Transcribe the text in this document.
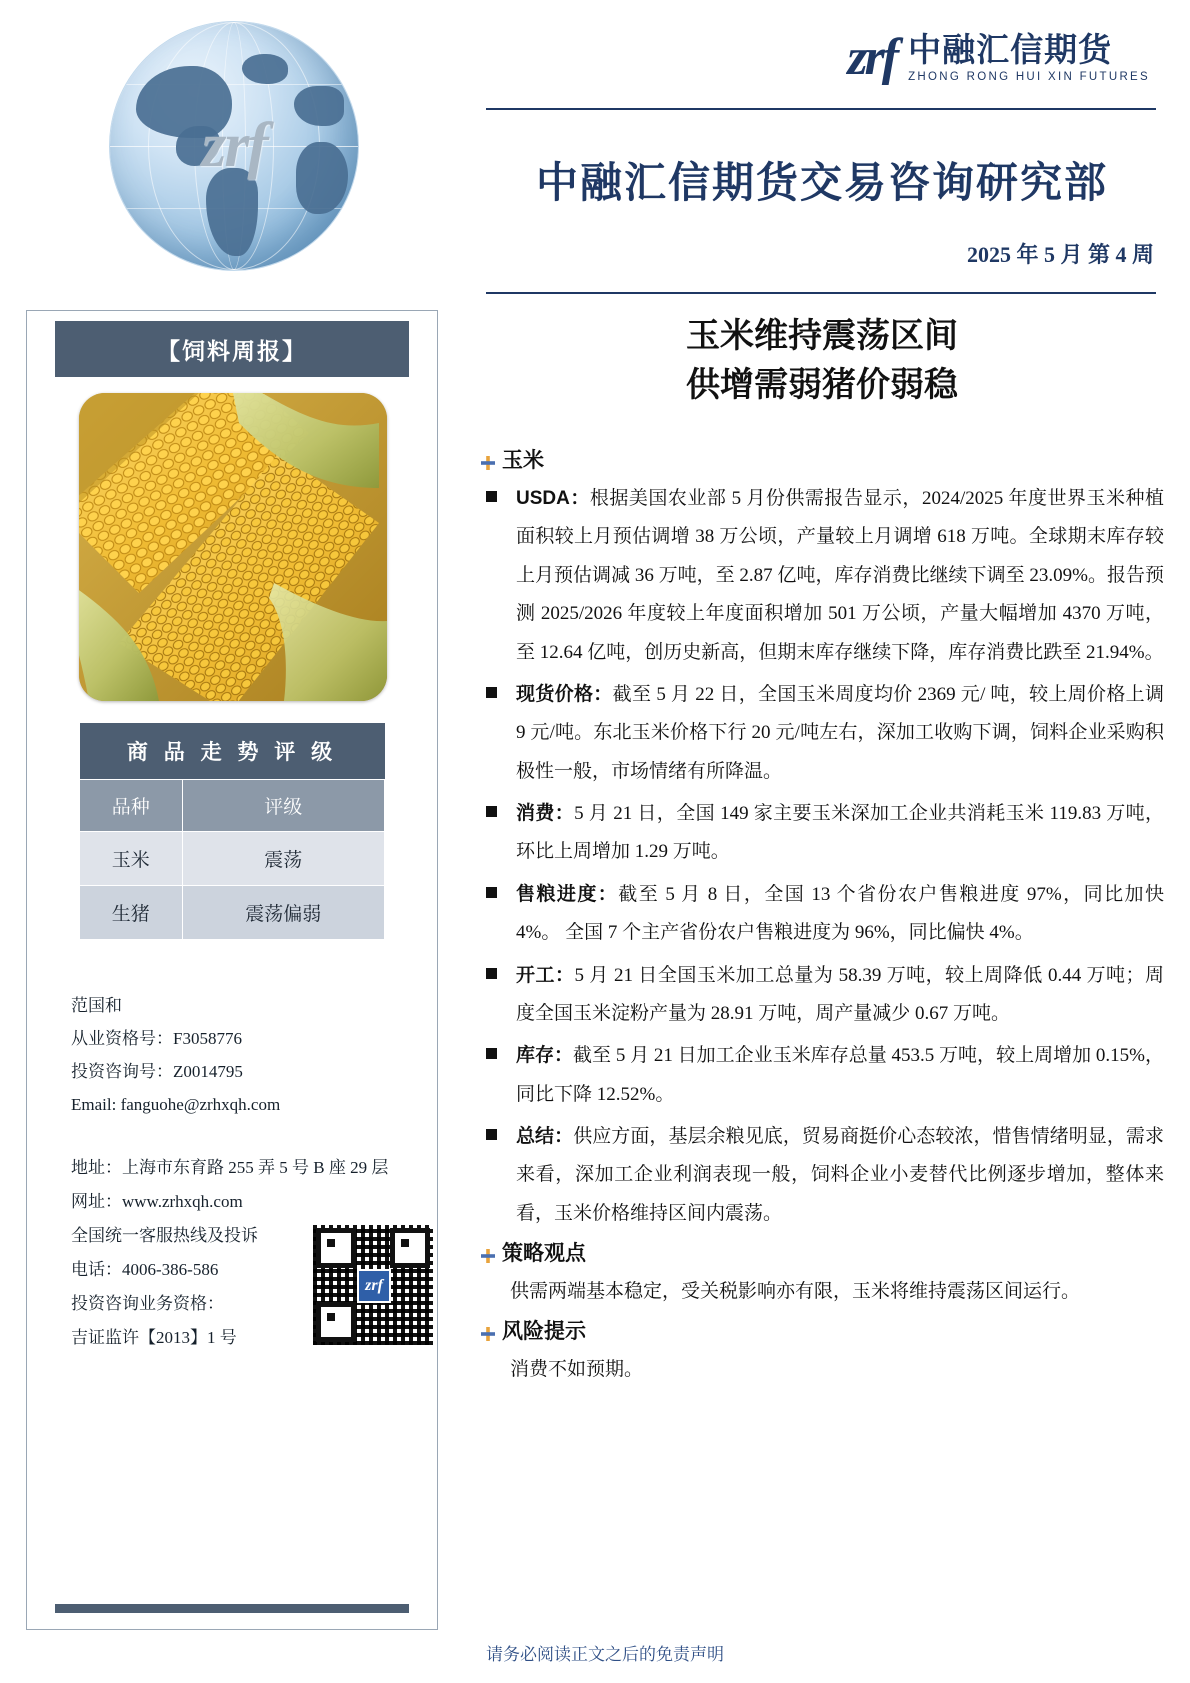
zrf
zrf 中融汇信期货
ZHONG RONG HUI XIN FUTURES
中融汇信期货交易咨询研究部
2025 年 5 月 第 4 周
【饲料周报】
商 品 走 势 评 级	
品种	评级
玉米	震荡
生猪	震荡偏弱
范国和
从业资格号：F3058776
投资咨询号：Z0014795
Email: fanguohe@zrhxqh.com
地址：上海市东育路 255 弄 5 号 B 座 29 层
网址：www.zrhxqh.com
全国统一客服热线及投诉
电话：4006-386-586
投资咨询业务资格：
吉证监许【2013】1 号
zrf
玉米维持震荡区间
供增需弱猪价弱稳
玉米
USDA：根据美国农业部 5 月份供需报告显示，2024/2025 年度世界玉米种植面积较上月预估调增 38 万公顷，产量较上月调增 618 万吨。全球期末库存较上月预估调减 36 万吨，至 2.87 亿吨，库存消费比继续下调至 23.09%。报告预测 2025/2026 年度较上年度面积增加 501 万公顷，产量大幅增加 4370 万吨，至 12.64 亿吨，创历史新高，但期末库存继续下降，库存消费比跌至 21.94%。
现货价格：截至 5 月 22 日，全国玉米周度均价 2369 元/ 吨，较上周价格上调 9 元/吨。东北玉米价格下行 20 元/吨左右，深加工收购下调，饲料企业采购积极性一般，市场情绪有所降温。
消费：5 月 21 日，全国 149 家主要玉米深加工企业共消耗玉米 119.83 万吨，环比上周增加 1.29 万吨。
售粮进度：截至 5 月 8 日，全国 13 个省份农户售粮进度 97%，同比加快 4%。 全国 7 个主产省份农户售粮进度为 96%，同比偏快 4%。
开工：5 月 21 日全国玉米加工总量为 58.39 万吨，较上周降低 0.44 万吨；周度全国玉米淀粉产量为 28.91 万吨，周产量减少 0.67 万吨。
库存：截至 5 月 21 日加工企业玉米库存总量 453.5 万吨，较上周增加 0.15%，同比下降 12.52%。
总结：供应方面，基层余粮见底，贸易商挺价心态较浓，惜售情绪明显，需求来看，深加工企业利润表现一般，饲料企业小麦替代比例逐步增加，整体来看，玉米价格维持区间内震荡。
策略观点
供需两端基本稳定，受关税影响亦有限，玉米将维持震荡区间运行。
风险提示
消费不如预期。
请务必阅读正文之后的免责声明
